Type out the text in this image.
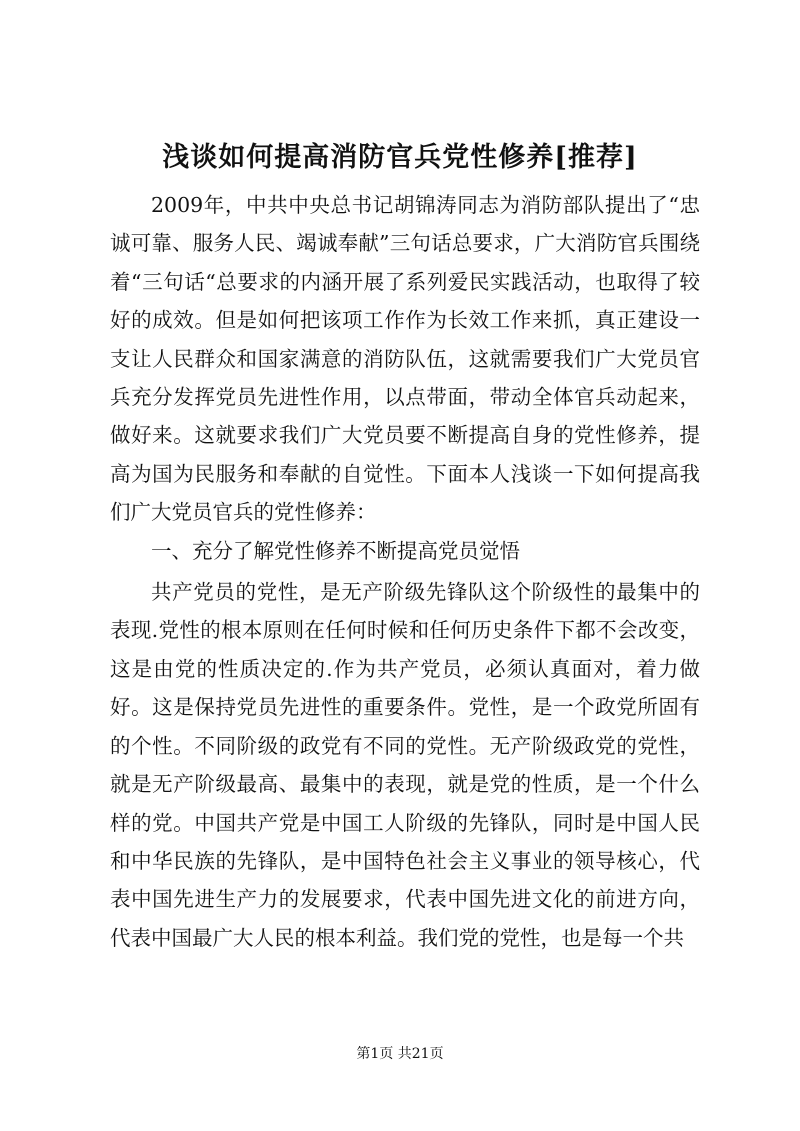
浅谈如何提高消防官兵党性修养[推荐]

2009年，中共中央总书记胡锦涛同志为消防部队提出了“忠诚可靠、服务人民、竭诚奉献”三句话总要求，广大消防官兵围绕着“三句话“总要求的内涵开展了系列爱民实践活动，也取得了较好的成效。但是如何把该项工作作为长效工作来抓，真正建设一支让人民群众和国家满意的消防队伍，这就需要我们广大党员官兵充分发挥党员先进性作用，以点带面，带动全体官兵动起来，做好来。这就要求我们广大党员要不断提高自身的党性修养，提高为国为民服务和奉献的自觉性。下面本人浅谈一下如何提高我们广大党员官兵的党性修养：

一、充分了解党性修养不断提高党员觉悟

共产党员的党性，是无产阶级先锋队这个阶级性的最集中的表现.党性的根本原则在任何时候和任何历史条件下都不会改变，这是由党的性质决定的.作为共产党员，必须认真面对，着力做好。这是保持党员先进性的重要条件。党性，是一个政党所固有的个性。不同阶级的政党有不同的党性。无产阶级政党的党性，就是无产阶级最高、最集中的表现，就是党的性质，是一个什么样的党。中国共产党是中国工人阶级的先锋队，同时是中国人民和中华民族的先锋队，是中国特色社会主义事业的领导核心，代表中国先进生产力的发展要求，代表中国先进文化的前进方向，代表中国最广大人民的根本利益。我们党的党性，也是每一个共

第1页 共21页
